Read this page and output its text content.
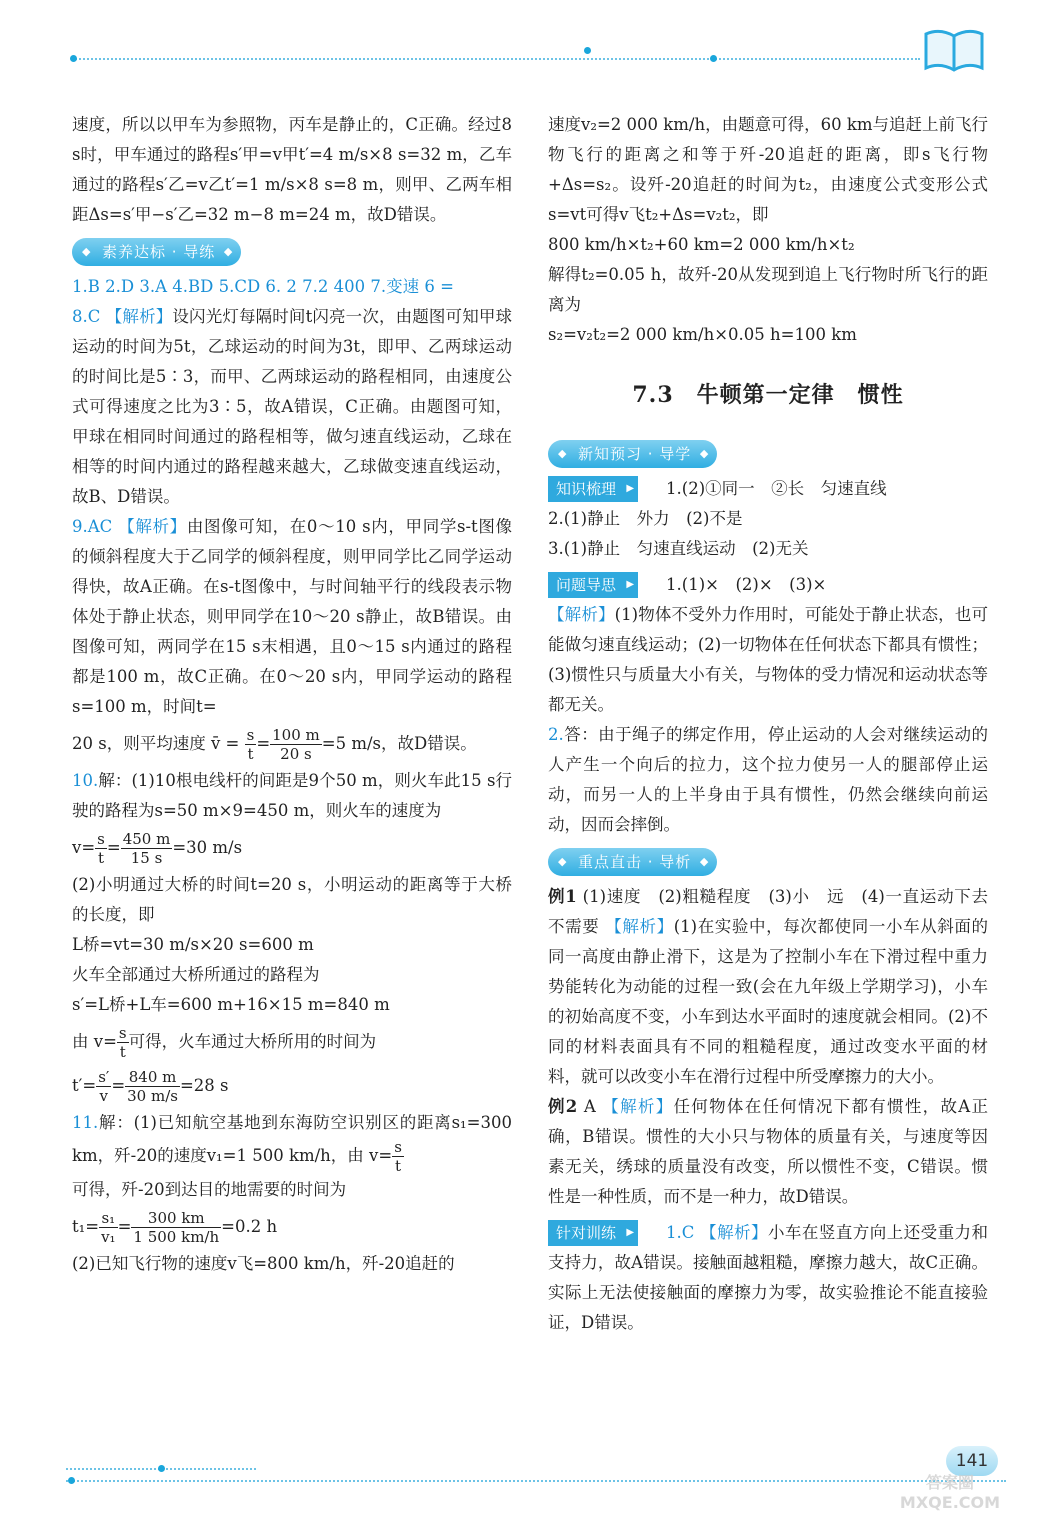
速度，所以以甲车为参照物，丙车是静止的，C正确。经过8 s时，甲车通过的路程s′甲=v甲t′=4 m/s×8 s=32 m，乙车通过的路程s′乙=v乙t′=1 m/s×8 s=8 m，则甲、乙两车相距Δs=s′甲−s′乙=32 m−8 m=24 m，故D错误。

◆ 素养达标 · 导练 ◆

1.B 2.D 3.A 4.BD 5.CD 6. 2 7.2 400 7.变速 6 =

8.C 【解析】设闪光灯每隔时间t闪亮一次，由题图可知甲球运动的时间为5t，乙球运动的时间为3t，即甲、乙两球运动的时间比是5∶3，而甲、乙两球运动的路程相同，由速度公式可得速度之比为3∶5，故A错误，C正确。由题图可知，甲球在相同时间通过的路程相等，做匀速直线运动，乙球在相等的时间内通过的路程越来越大，乙球做变速直线运动，故B、D错误。

9.AC 【解析】由图像可知，在0～10 s内，甲同学s-t图像的倾斜程度大于乙同学的倾斜程度，则甲同学比乙同学运动得快，故A正确。在s-t图像中，与时间轴平行的线段表示物体处于静止状态，则甲同学在10～20 s静止，故B错误。由图像可知，两同学在15 s末相遇，且0～15 s内通过的路程都是100 m，故C正确。在0～20 s内，甲同学运动的路程s=100 m，时间t=

20 s，则平均速度 v̄ = $\frac{s}{t} = \frac{100 m}{20 s} =5$ m/s，故D错误。

10.解：(1)10根电线杆的间距是9个50 m，则火车此15 s行驶的路程为s=50 m×9=450 m，则火车的速度为

$v= \frac{s}{t} = \frac{450 m}{15 s} =30$ m/s

(2)小明通过大桥的时间t=20 s，小明运动的距离等于大桥的长度，即

L桥=vt=30 m/s×20 s=600 m

火车全部通过大桥所通过的路程为

s′=L桥+L车=600 m+16×15 m=840 m

由 $v= \frac{s}{t}$ 可得，火车通过大桥所用的时间为

$t'= \frac{s'}{v} = \frac{840 m}{30 m/s} =28$ s

11.解：(1)已知航空基地到东海防空识别区的距离s₁=300 km，歼-20的速度v₁=1 500 km/h，由 $v= \frac{s}{t}$

可得，歼-20到达目的地需要的时间为

$t_1= \frac{\text{s₁}}{\text{v₁}} = \frac{300 km}{1 500 km/h} =0.2$ h

(2)已知飞行物的速度v飞=800 km/h，歼-20追赶的

速度v₂=2 000 km/h，由题意可得，60 km与追赶上前飞行物飞行的距离之和等于歼-20追赶的距离，即s飞行物+Δs=s₂。设歼-20追赶的时间为t₂，由速度公式变形公式s=vt可得v飞t₂+Δs=v₂t₂，即

800 km/h×t₂+60 km=2 000 km/h×t₂

解得t₂=0.05 h，故歼-20从发现到追上飞行物时所飞行的距离为

s₂=v₂t₂=2 000 km/h×0.05 h=100 km

7.3　牛顿第一定律　惯性
◆ 新知预习 · 导学 ◆

知识梳理 ▶	1.(2)①同一　②长　匀速直线

2.(1)静止　外力　(2)不是

3.(1)静止　匀速直线运动　(2)无关

问题导思 ▶	1.(1)×　(2)×　(3)×

【解析】(1)物体不受外力作用时，可能处于静止状态，也可能做匀速直线运动；(2)一切物体在任何状态下都具有惯性；(3)惯性只与质量大小有关，与物体的受力情况和运动状态等都无关。

2.答：由于绳子的绑定作用，停止运动的人会对继续运动的人产生一个向后的拉力，这个拉力使另一人的腿部停止运动，而另一人的上半身由于具有惯性，仍然会继续向前运动，因而会摔倒。

◆ 重点直击 · 导析 ◆

例1 (1)速度　(2)粗糙程度　(3)小　远　(4)一直运动下去　不需要 【解析】(1)在实验中，每次都使同一小车从斜面的同一高度由静止滑下，这是为了控制小车在下滑过程中重力势能转化为动能的过程一致(会在九年级上学期学习)，小车的初始高度不变，小车到达水平面时的速度就会相同。(2)不同的材料表面具有不同的粗糙程度，通过改变水平面的材料，就可以改变小车在滑行过程中所受摩擦力的大小。

例2 A 【解析】任何物体在任何情况下都有惯性，故A正确，B错误。惯性的大小只与物体的质量有关，与速度等因素无关，绣球的质量没有改变，所以惯性不变，C错误。惯性是一种性质，而不是一种力，故D错误。

针对训练 ▶	1.C 【解析】小车在竖直方向上还受重力和支持力，故A错误。接触面越粗糙，摩擦力越大，故C正确。实际上无法使接触面的摩擦力为零，故实验推论不能直接验证，D错误。

141
答案圈 MXQE.COM
